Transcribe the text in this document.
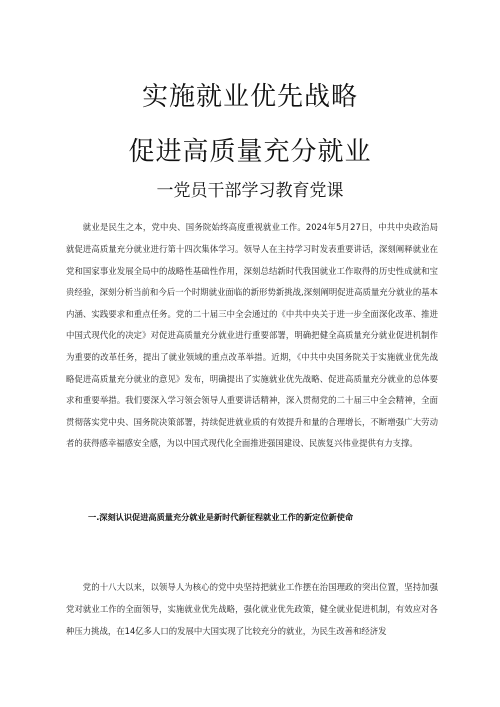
实施就业优先战略
促进高质量充分就业
一党员干部学习教育党课

就业是民生之本，党中央、国务院始终高度重视就业工作。2024年5月27日，中共中央政治局就促进高质量充分就业进行第十四次集体学习。领导人在主持学习时发表重要讲话，深刻阐释就业在党和国家事业发展全局中的战略性基础性作用，深刻总结新时代我国就业工作取得的历史性成就和宝贵经验，深刻分析当前和今后一个时期就业面临的新形势新挑战,深刻阐明促进高质量充分就业的基本内涵、实践要求和重点任务。党的二十届三中全会通过的《中共中央关于进一步全面深化改革、推进中国式现代化的决定》对促进高质量充分就业进行重要部署，明确把健全高质量充分就业促进机制作为重要的改革任务，提出了就业领域的重点改革举措。近期，《中共中央国务院关于实施就业优先战略促进高质量充分就业的意见》发布，明确提出了实施就业优先战略、促进高质量充分就业的总体要求和重要举措。我们要深入学习领会领导人重要讲话精神，深入贯彻党的二十届三中全会精神，全面贯彻落实党中央、国务院决策部署，持续促进就业质的有效提升和量的合理增长，不断增强广大劳动者的获得感幸福感安全感，为以中国式现代化全面推进强国建设、民族复兴伟业提供有力支撑。

一.深刻认识促进高质量充分就业是新时代新征程就业工作的新定位新使命

党的十八大以来，以领导人为核心的党中央坚持把就业工作摆在治国理政的突出位置，坚持加强党对就业工作的全面领导，实施就业优先战略，强化就业优先政策，健全就业促进机制，有效应对各种压力挑战，在14亿多人口的发展中大国实现了比较充分的就业，为民生改善和经济发
